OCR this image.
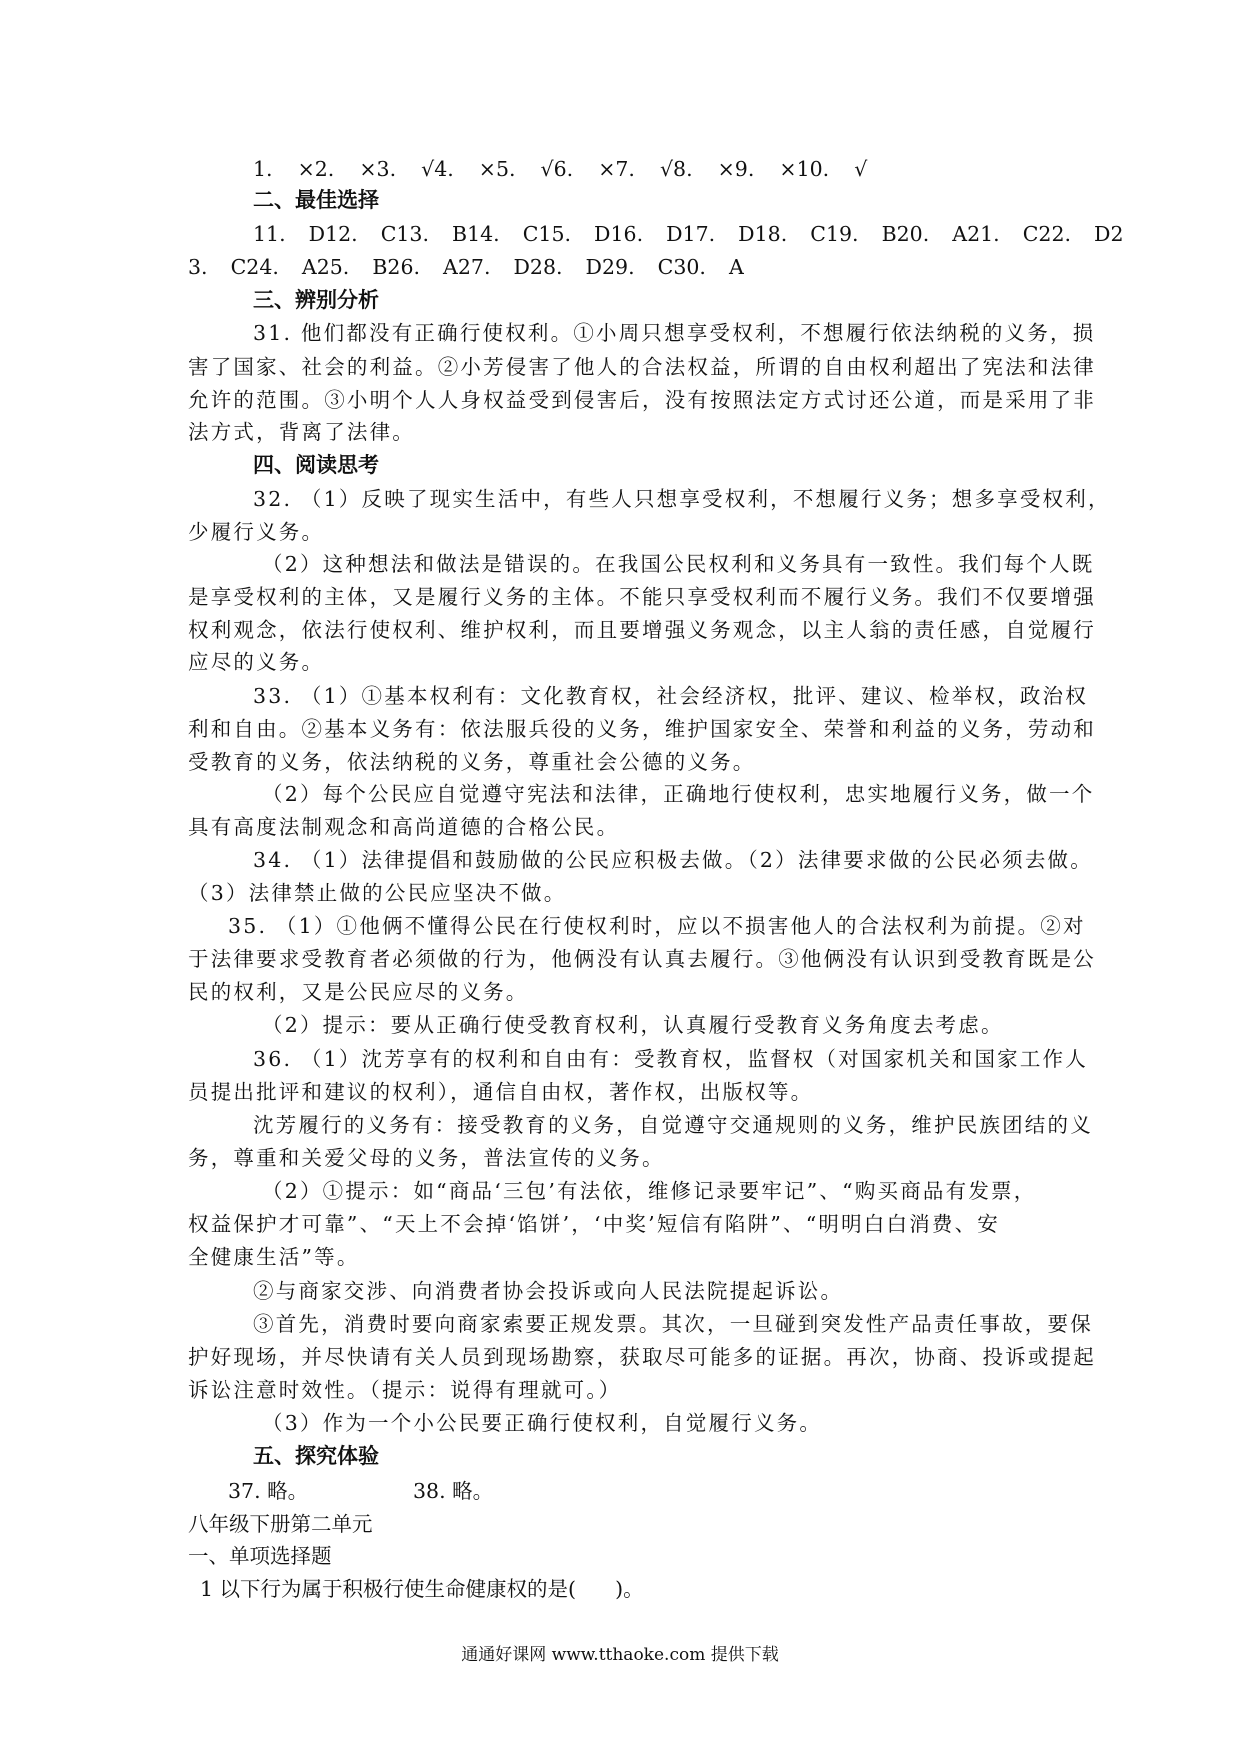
1.  ×2.  ×3.  √4.  ×5.  √6.  ×7.  √8.  ×9.  ×10.  √
二、最佳选择
11.  D12.  C13.  B14.  C15.  D16.  D17.  D18.  C19.  B20.  A21.  C22.  D2
3.  C24.  A25.  B26.  A27.  D28.  D29.  C30.  A
三、辨别分析
31. 他们都没有正确行使权利。①小周只想享受权利，不想履行依法纳税的义务，损
害了国家、社会的利益。②小芳侵害了他人的合法权益，所谓的自由权利超出了宪法和法律
允许的范围。③小明个人人身权益受到侵害后，没有按照法定方式讨还公道，而是采用了非
法方式，背离了法律。
四、阅读思考
32. （1）反映了现实生活中，有些人只想享受权利，不想履行义务；想多享受权利，
少履行义务。
（2）这种想法和做法是错误的。在我国公民权利和义务具有一致性。我们每个人既
是享受权利的主体，又是履行义务的主体。不能只享受权利而不履行义务。我们不仅要增强
权利观念，依法行使权利、维护权利，而且要增强义务观念，以主人翁的责任感，自觉履行
应尽的义务。
33. （1）①基本权利有：文化教育权，社会经济权，批评、建议、检举权，政治权
利和自由。②基本义务有：依法服兵役的义务，维护国家安全、荣誉和利益的义务，劳动和
受教育的义务，依法纳税的义务，尊重社会公德的义务。
（2）每个公民应自觉遵守宪法和法律，正确地行使权利，忠实地履行义务，做一个
具有高度法制观念和高尚道德的合格公民。
34. （1）法律提倡和鼓励做的公民应积极去做。（2）法律要求做的公民必须去做。
（3）法律禁止做的公民应坚决不做。
35. （1）①他俩不懂得公民在行使权利时，应以不损害他人的合法权利为前提。②对
于法律要求受教育者必须做的行为，他俩没有认真去履行。③他俩没有认识到受教育既是公
民的权利，又是公民应尽的义务。
（2）提示：要从正确行使受教育权利，认真履行受教育义务角度去考虑。
36. （1）沈芳享有的权利和自由有：受教育权，监督权（对国家机关和国家工作人
员提出批评和建议的权利），通信自由权，著作权，出版权等。
沈芳履行的义务有：接受教育的义务，自觉遵守交通规则的义务，维护民族团结的义
务，尊重和关爱父母的义务，普法宣传的义务。
（2）①提示：如“商品‘三包’有法依，维修记录要牢记”、“购买商品有发票，
权益保护才可靠”、“天上不会掉‘馅饼’，‘中奖’短信有陷阱”、“明明白白消费、安
全健康生活”等。
②与商家交涉、向消费者协会投诉或向人民法院提起诉讼。
③首先，消费时要向商家索要正规发票。其次，一旦碰到突发性产品责任事故，要保
护好现场，并尽快请有关人员到现场勘察，获取尽可能多的证据。再次，协商、投诉或提起
诉讼注意时效性。（提示：说得有理就可。）
（3）作为一个小公民要正确行使权利，自觉履行义务。
五、探究体验
37. 略。	38. 略。
八年级下册第二单元
一、单项选择题
1 以下行为属于积极行使生命健康权的是(      )。
通通好课网 www.tthaoke.com 提供下载
